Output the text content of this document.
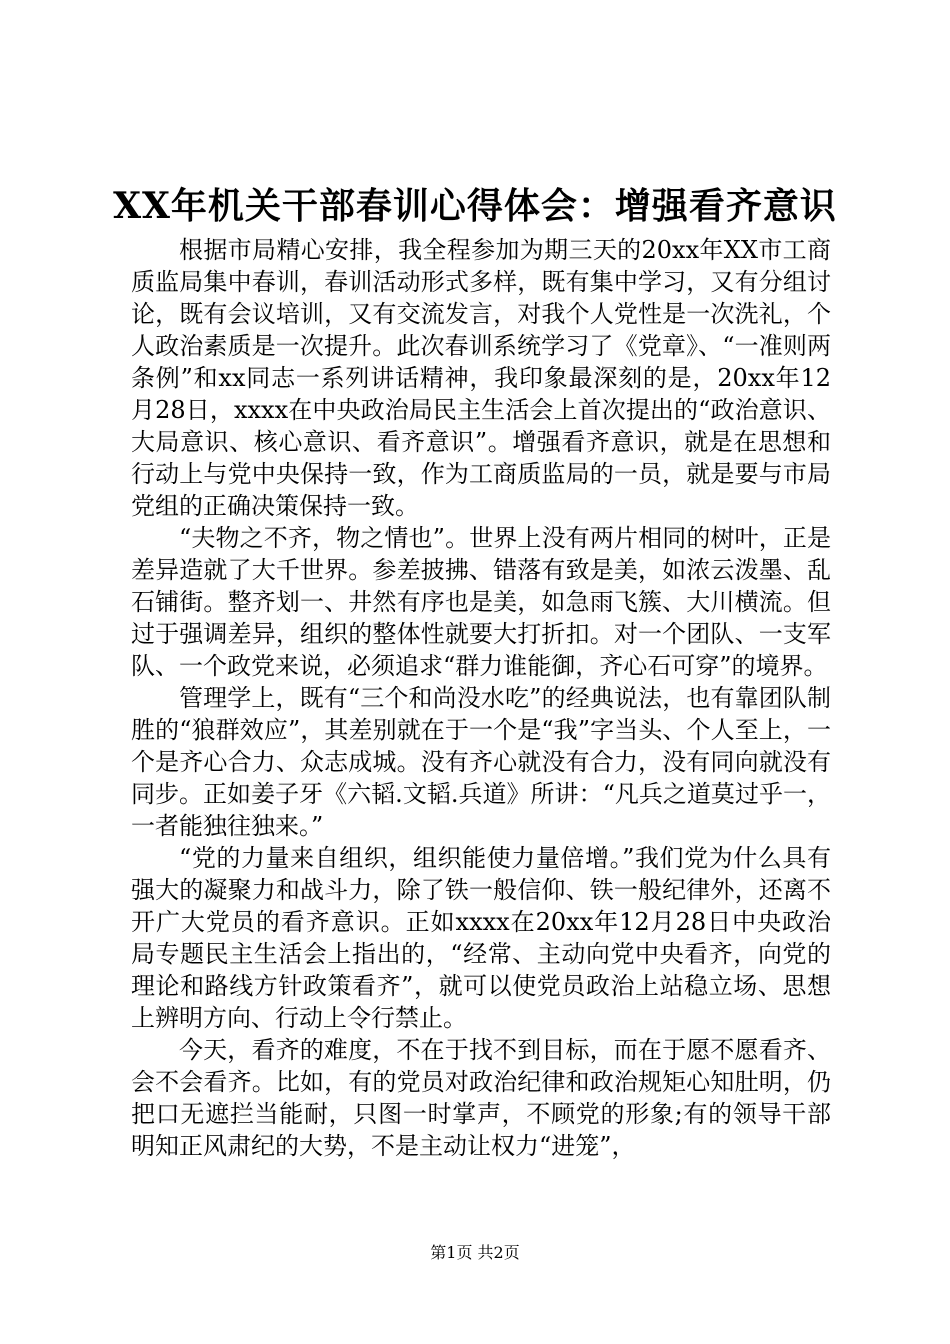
XX年机关干部春训心得体会：增强看齐意识

根据市局精心安排，我全程参加为期三天的20xx年XX市工商质监局集中春训，春训活动形式多样，既有集中学习，又有分组讨论，既有会议培训，又有交流发言，对我个人党性是一次洗礼，个人政治素质是一次提升。此次春训系统学习了《党章》、“一准则两条例”和xx同志一系列讲话精神，我印象最深刻的是，20xx年12月28日，xxxx在中央政治局民主生活会上首次提出的“政治意识、大局意识、核心意识、看齐意识”。增强看齐意识，就是在思想和行动上与党中央保持一致，作为工商质监局的一员，就是要与市局党组的正确决策保持一致。

“夫物之不齐，物之情也”。世界上没有两片相同的树叶，正是差异造就了大千世界。参差披拂、错落有致是美，如浓云泼墨、乱石铺街。整齐划一、井然有序也是美，如急雨飞簇、大川横流。但过于强调差异，组织的整体性就要大打折扣。对一个团队、一支军队、一个政党来说，必须追求“群力谁能御，齐心石可穿”的境界。

管理学上，既有“三个和尚没水吃”的经典说法，也有靠团队制胜的“狼群效应”，其差别就在于一个是“我”字当头、个人至上，一个是齐心合力、众志成城。没有齐心就没有合力，没有同向就没有同步。正如姜子牙《六韬.文韬.兵道》所讲：“凡兵之道莫过乎一，一者能独往独来。”

“党的力量来自组织，组织能使力量倍增。”我们党为什么具有强大的凝聚力和战斗力，除了铁一般信仰、铁一般纪律外，还离不开广大党员的看齐意识。正如xxxx在20xx年12月28日中央政治局专题民主生活会上指出的，“经常、主动向党中央看齐，向党的理论和路线方针政策看齐”，就可以使党员政治上站稳立场、思想上辨明方向、行动上令行禁止。

今天，看齐的难度，不在于找不到目标，而在于愿不愿看齐、会不会看齐。比如，有的党员对政治纪律和政治规矩心知肚明，仍把口无遮拦当能耐，只图一时掌声，不顾党的形象;有的领导干部明知正风肃纪的大势，不是主动让权力“进笼”，

第1页 共2页
